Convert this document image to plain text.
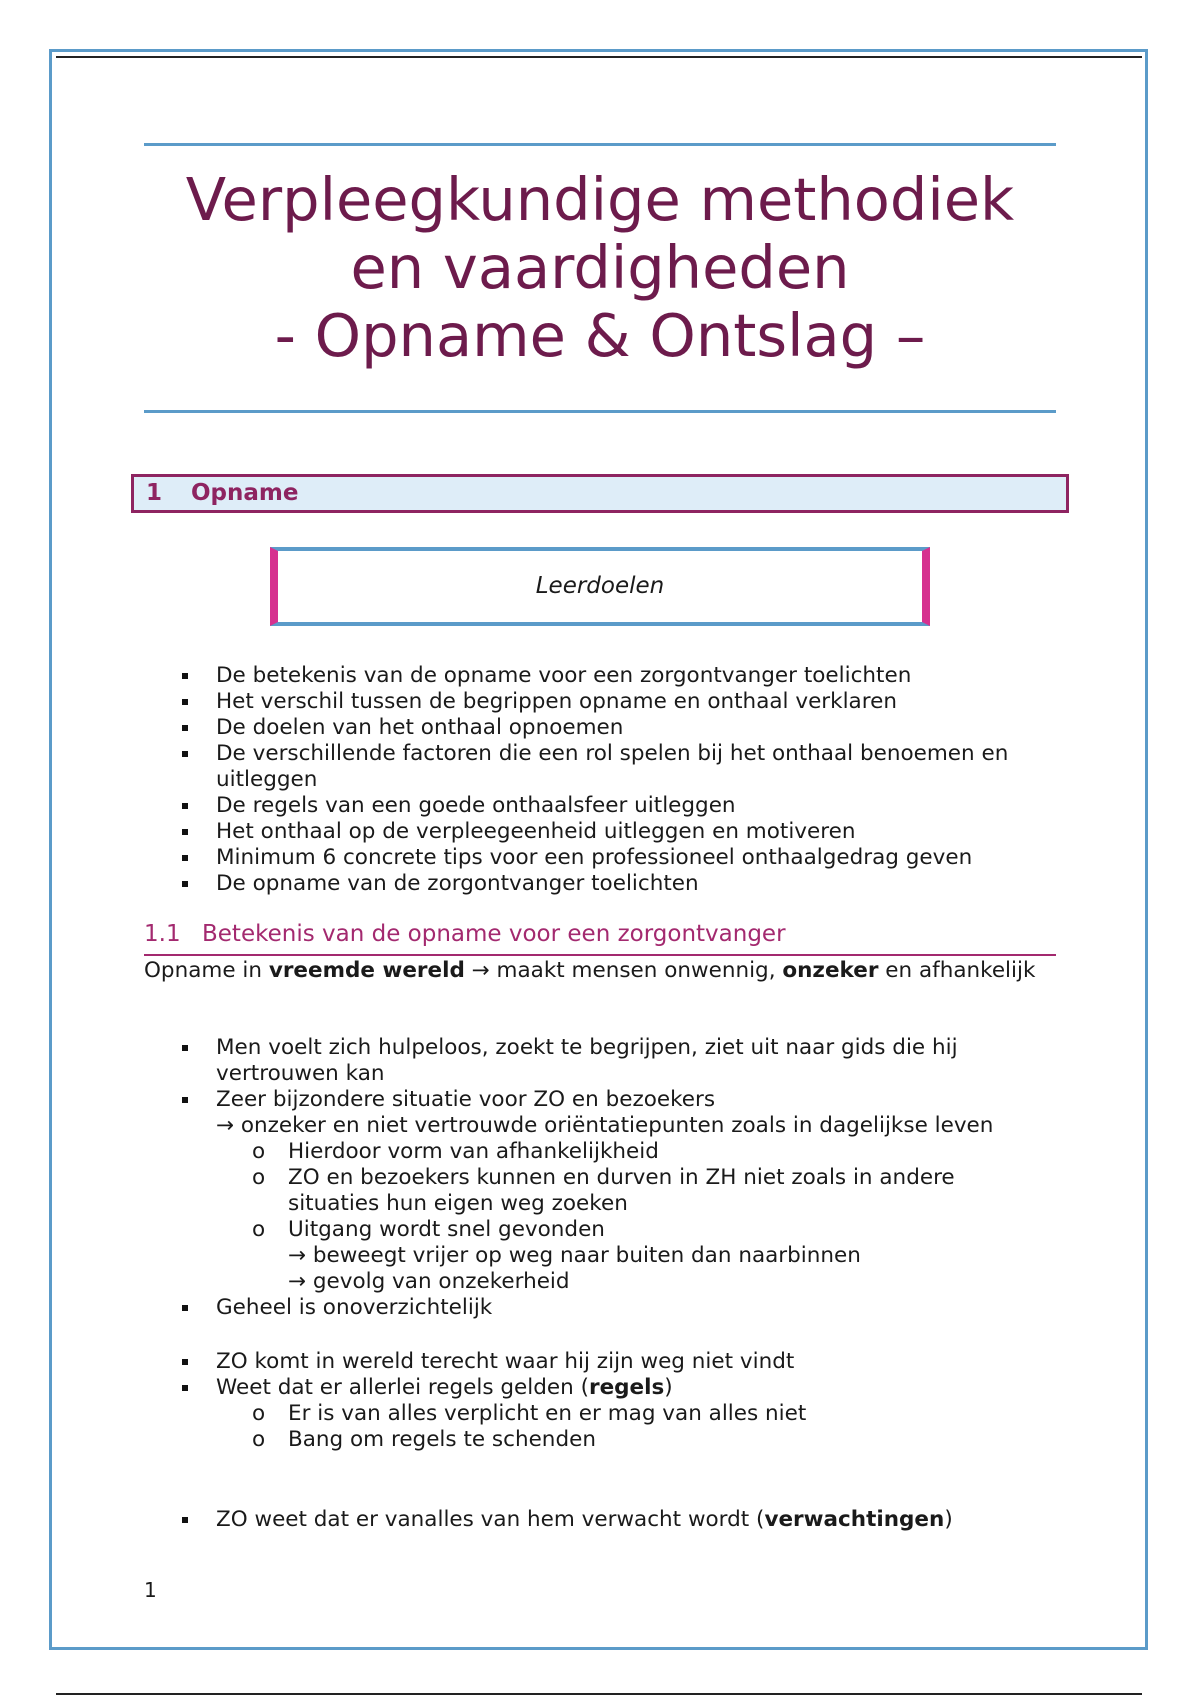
Verpleegkundige methodiek
en vaardigheden
- Opname & Ontslag –
1 Opname
Leerdoelen
De betekenis van de opname voor een zorgontvanger toelichten
Het verschil tussen de begrippen opname en onthaal verklaren
De doelen van het onthaal opnoemen
De verschillende factoren die een rol spelen bij het onthaal benoemen en uitleggen
De regels van een goede onthaalsfeer uitleggen
Het onthaal op de verpleegeenheid uitleggen en motiveren
Minimum 6 concrete tips voor een professioneel onthaalgedrag geven
De opname van de zorgontvanger toelichten
1.1 Betekenis van de opname voor een zorgontvanger
Opname in vreemde wereld → maakt mensen onwennig, onzeker en afhankelijk
Men voelt zich hulpeloos, zoekt te begrijpen, ziet uit naar gids die hij vertrouwen kan
Zeer bijzondere situatie voor ZO en bezoekers
→ onzeker en niet vertrouwde oriëntatiepunten zoals in dagelijkse leven
o Hierdoor vorm van afhankelijkheid
o ZO en bezoekers kunnen en durven in ZH niet zoals in andere situaties hun eigen weg zoeken
o Uitgang wordt snel gevonden
→ beweegt vrijer op weg naar buiten dan naarbinnen
→ gevolg van onzekerheid
Geheel is onoverzichtelijk
ZO komt in wereld terecht waar hij zijn weg niet vindt
Weet dat er allerlei regels gelden (regels)
o Er is van alles verplicht en er mag van alles niet
o Bang om regels te schenden
ZO weet dat er vanalles van hem verwacht wordt (verwachtingen)
1
